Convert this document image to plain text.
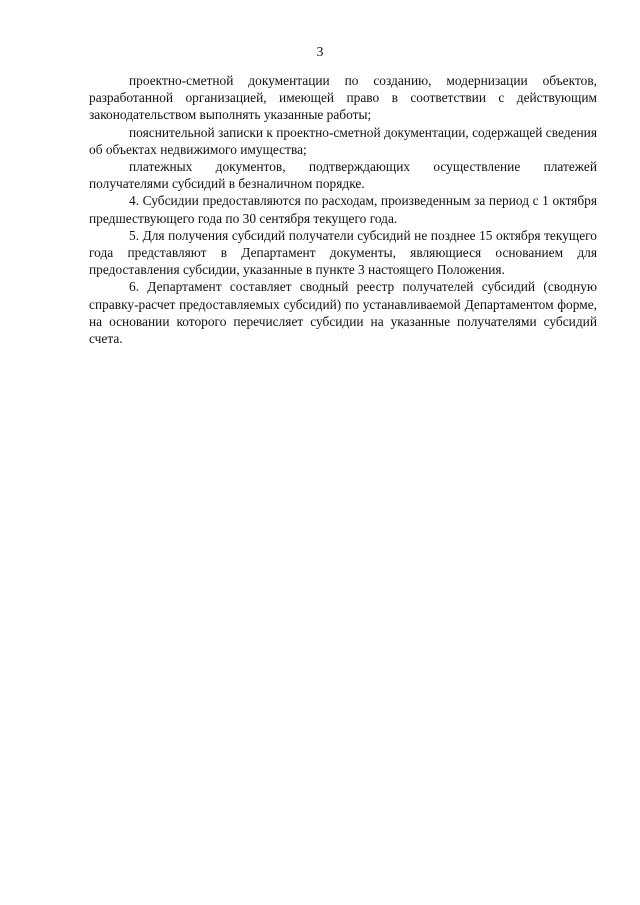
3

проектно-сметной документации по созданию, модернизации объектов, разработанной организацией, имеющей право в соответствии с действующим законодательством выполнять указанные работы;

пояснительной записки к проектно-сметной документации, содержащей сведения об объектах недвижимого имущества;

платежных документов, подтверждающих осуществление платежей получателями субсидий в безналичном порядке.

4. Субсидии предоставляются по расходам, произведенным за период с 1 октября предшествующего года по 30 сентября текущего года.

5. Для получения субсидий получатели субсидий не позднее 15 октября текущего года представляют в Департамент документы, являющиеся основанием для предоставления субсидии, указанные в пункте 3 настоящего Положения.

6. Департамент составляет сводный реестр получателей субсидий (сводную справку-расчет предоставляемых субсидий) по устанавливаемой Департаментом форме, на основании которого перечисляет субсидии на указанные получателями субсидий счета.
